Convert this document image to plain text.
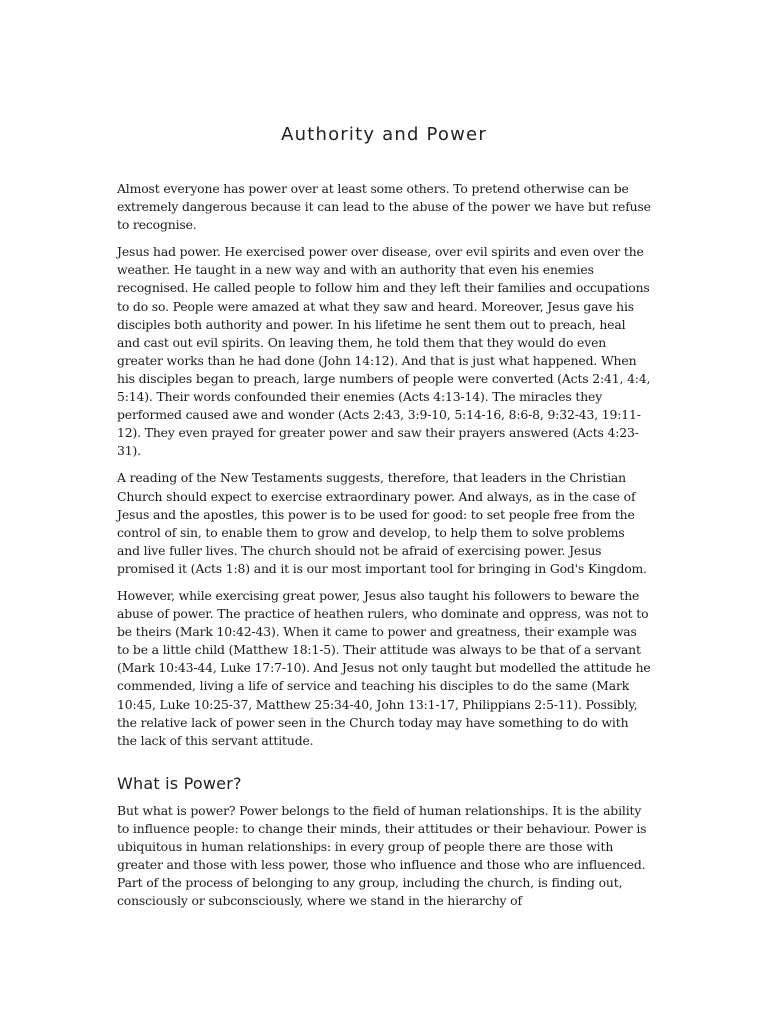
Authority and Power

Almost everyone has power over at least some others. To pretend otherwise can be extremely dangerous because it can lead to the abuse of the power we have but refuse to recognise.

Jesus had power. He exercised power over disease, over evil spirits and even over the weather. He taught in a new way and with an authority that even his enemies recognised. He called people to follow him and they left their families and occupations to do so. People were amazed at what they saw and heard. Moreover, Jesus gave his disciples both authority and power. In his lifetime he sent them out to preach, heal and cast out evil spirits. On leaving them, he told them that they would do even greater works than he had done (John 14:12). And that is just what happened. When his disciples began to preach, large numbers of people were converted (Acts 2:41, 4:4, 5:14). Their words confounded their enemies (Acts 4:13-14). The miracles they performed caused awe and wonder (Acts 2:43, 3:9-10, 5:14-16, 8:6-8, 9:32-43, 19:11-12). They even prayed for greater power and saw their prayers answered (Acts 4:23-31).

A reading of the New Testaments suggests, therefore, that leaders in the Christian Church should expect to exercise extraordinary power. And always, as in the case of Jesus and the apostles, this power is to be used for good: to set people free from the control of sin, to enable them to grow and develop, to help them to solve problems and live fuller lives. The church should not be afraid of exercising power. Jesus promised it (Acts 1:8) and it is our most important tool for bringing in God's Kingdom.

However, while exercising great power, Jesus also taught his followers to beware the abuse of power. The practice of heathen rulers, who dominate and oppress, was not to be theirs (Mark 10:42-43). When it came to power and greatness, their example was to be a little child (Matthew 18:1-5). Their attitude was always to be that of a servant (Mark 10:43-44, Luke 17:7-10). And Jesus not only taught but modelled the attitude he commended, living a life of service and teaching his disciples to do the same (Mark 10:45, Luke 10:25-37, Matthew 25:34-40, John 13:1-17, Philippians 2:5-11). Possibly, the relative lack of power seen in the Church today may have something to do with the lack of this servant attitude.

What is Power?

But what is power? Power belongs to the field of human relationships. It is the ability to influence people: to change their minds, their attitudes or their behaviour. Power is ubiquitous in human relationships: in every group of people there are those with greater and those with less power, those who influence and those who are influenced. Part of the process of belonging to any group, including the church, is finding out, consciously or subconsciously, where we stand in the hierarchy of
